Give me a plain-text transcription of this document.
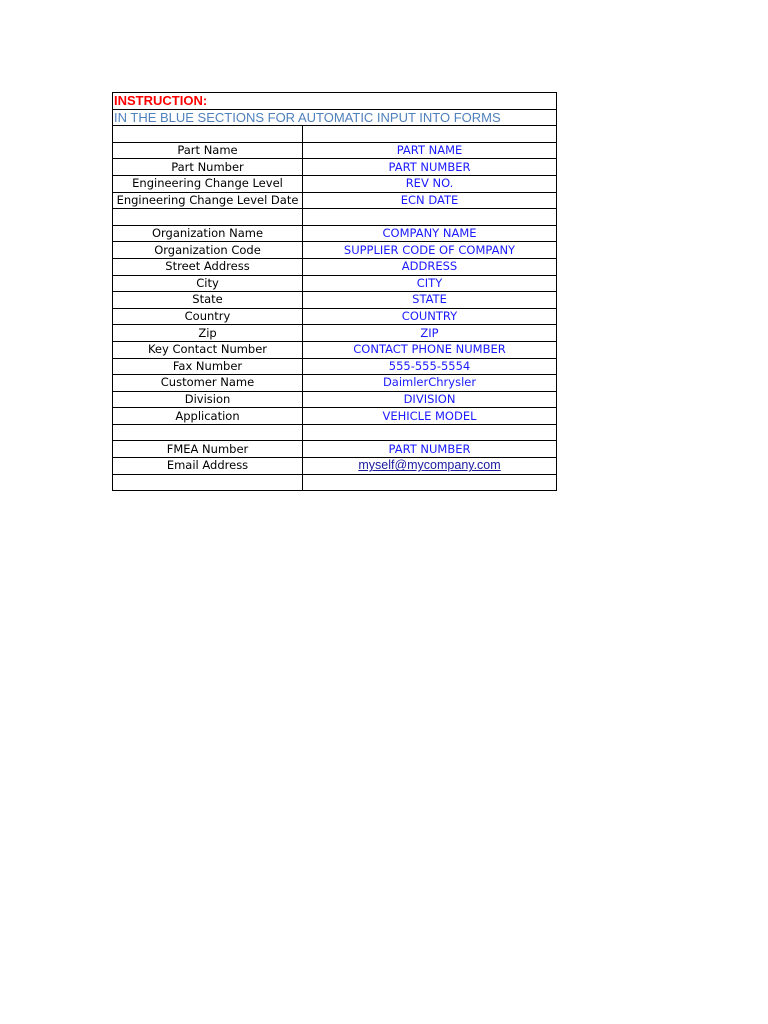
INSTRUCTION:	
IN THE BLUE SECTIONS FOR AUTOMATIC INPUT INTO FORMS	

Part Name	PART NAME
Part Number	PART NUMBER
Engineering Change Level	REV NO.
Engineering Change Level Date	ECN DATE

Organization Name	COMPANY NAME
Organization Code	SUPPLIER CODE OF COMPANY
Street Address	ADDRESS
City	CITY
State	STATE
Country	COUNTRY
Zip	ZIP
Key Contact Number	CONTACT PHONE NUMBER
Fax Number	555-555-5554
Customer Name	DaimlerChrysler
Division	DIVISION
Application	VEHICLE MODEL

FMEA Number	PART NUMBER
Email Address	myself@mycompany.com
